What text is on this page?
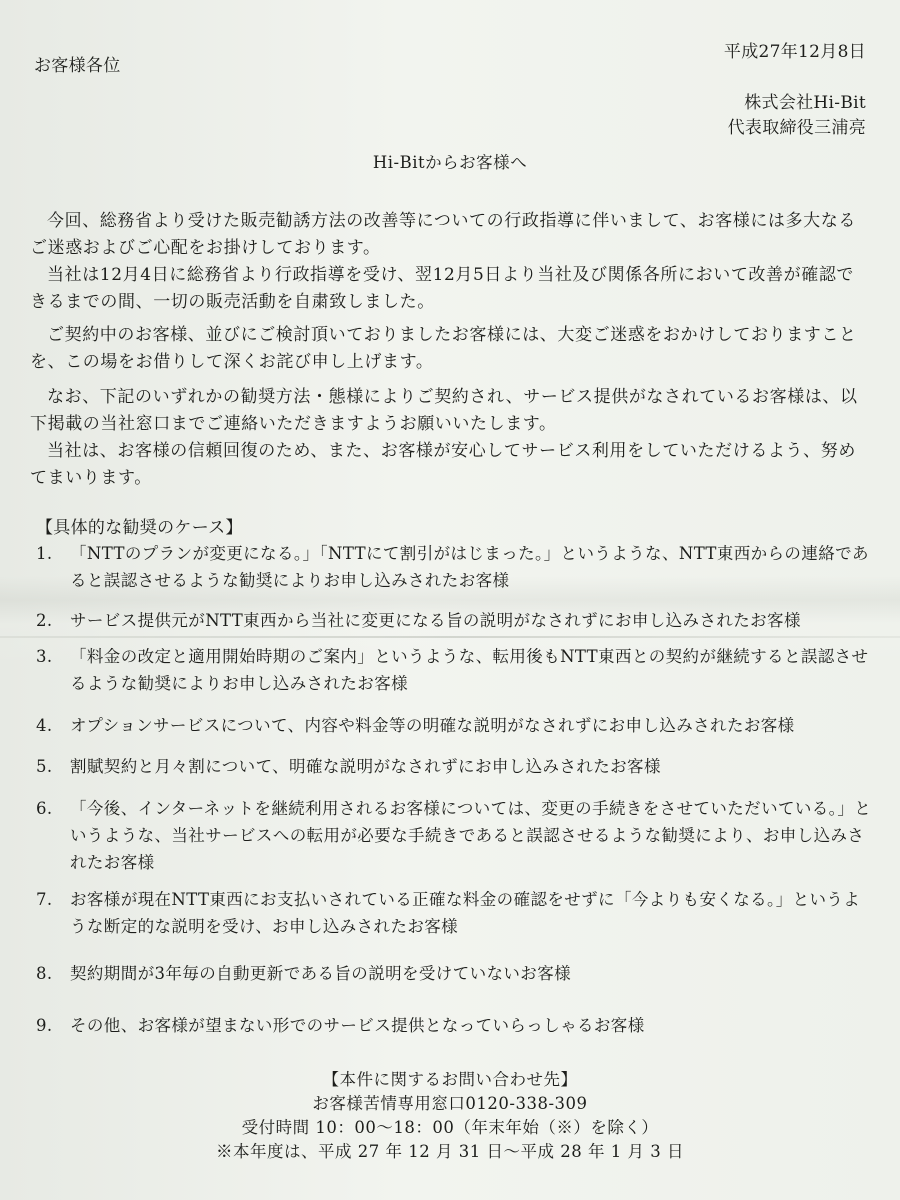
お客様各位
平成27年12月8日
株式会社Hi-Bit
代表取締役三浦亮
Hi-Bitからお客様へ

今回、総務省より受けた販売勧誘方法の改善等についての行政指導に伴いまして、お客様には多大なるご迷惑およびご心配をお掛けしております。

当社は12月4日に総務省より行政指導を受け、翌12月5日より当社及び関係各所において改善が確認できるまでの間、一切の販売活動を自粛致しました。

ご契約中のお客様、並びにご検討頂いておりましたお客様には、大変ご迷惑をおかけしておりますことを、この場をお借りして深くお詫び申し上げます。

なお、下記のいずれかの勧奨方法・態様によりご契約され、サービス提供がなされているお客様は、以下掲載の当社窓口までご連絡いただきますようお願いいたします。

当社は、お客様の信頼回復のため、また、お客様が安心してサービス利用をしていただけるよう、努めてまいります。

【具体的な勧奨のケース】
1.	「NTTのプランが変更になる。」「NTTにて割引がはじまった。」というような、NTT東西からの連絡であると誤認させるような勧奨によりお申し込みされたお客様
2.	サービス提供元がNTT東西から当社に変更になる旨の説明がなされずにお申し込みされたお客様
3.	「料金の改定と適用開始時期のご案内」というような、転用後もNTT東西との契約が継続すると誤認させるような勧奨によりお申し込みされたお客様
4.	オプションサービスについて、内容や料金等の明確な説明がなされずにお申し込みされたお客様
5.	割賦契約と月々割について、明確な説明がなされずにお申し込みされたお客様
6.	「今後、インターネットを継続利用されるお客様については、変更の手続きをさせていただいている。」というような、当社サービスへの転用が必要な手続きであると誤認させるような勧奨により、お申し込みされたお客様
7.	お客様が現在NTT東西にお支払いされている正確な料金の確認をせずに「今よりも安くなる。」というような断定的な説明を受け、お申し込みされたお客様
8.	契約期間が3年毎の自動更新である旨の説明を受けていないお客様
9.	その他、お客様が望まない形でのサービス提供となっていらっしゃるお客様
【本件に関するお問い合わせ先】
お客様苦情専用窓口0120-338-309
受付時間 10：00～18：00（年末年始（※）を除く）
※本年度は、平成 27 年 12 月 31 日～平成 28 年 1 月 3 日
